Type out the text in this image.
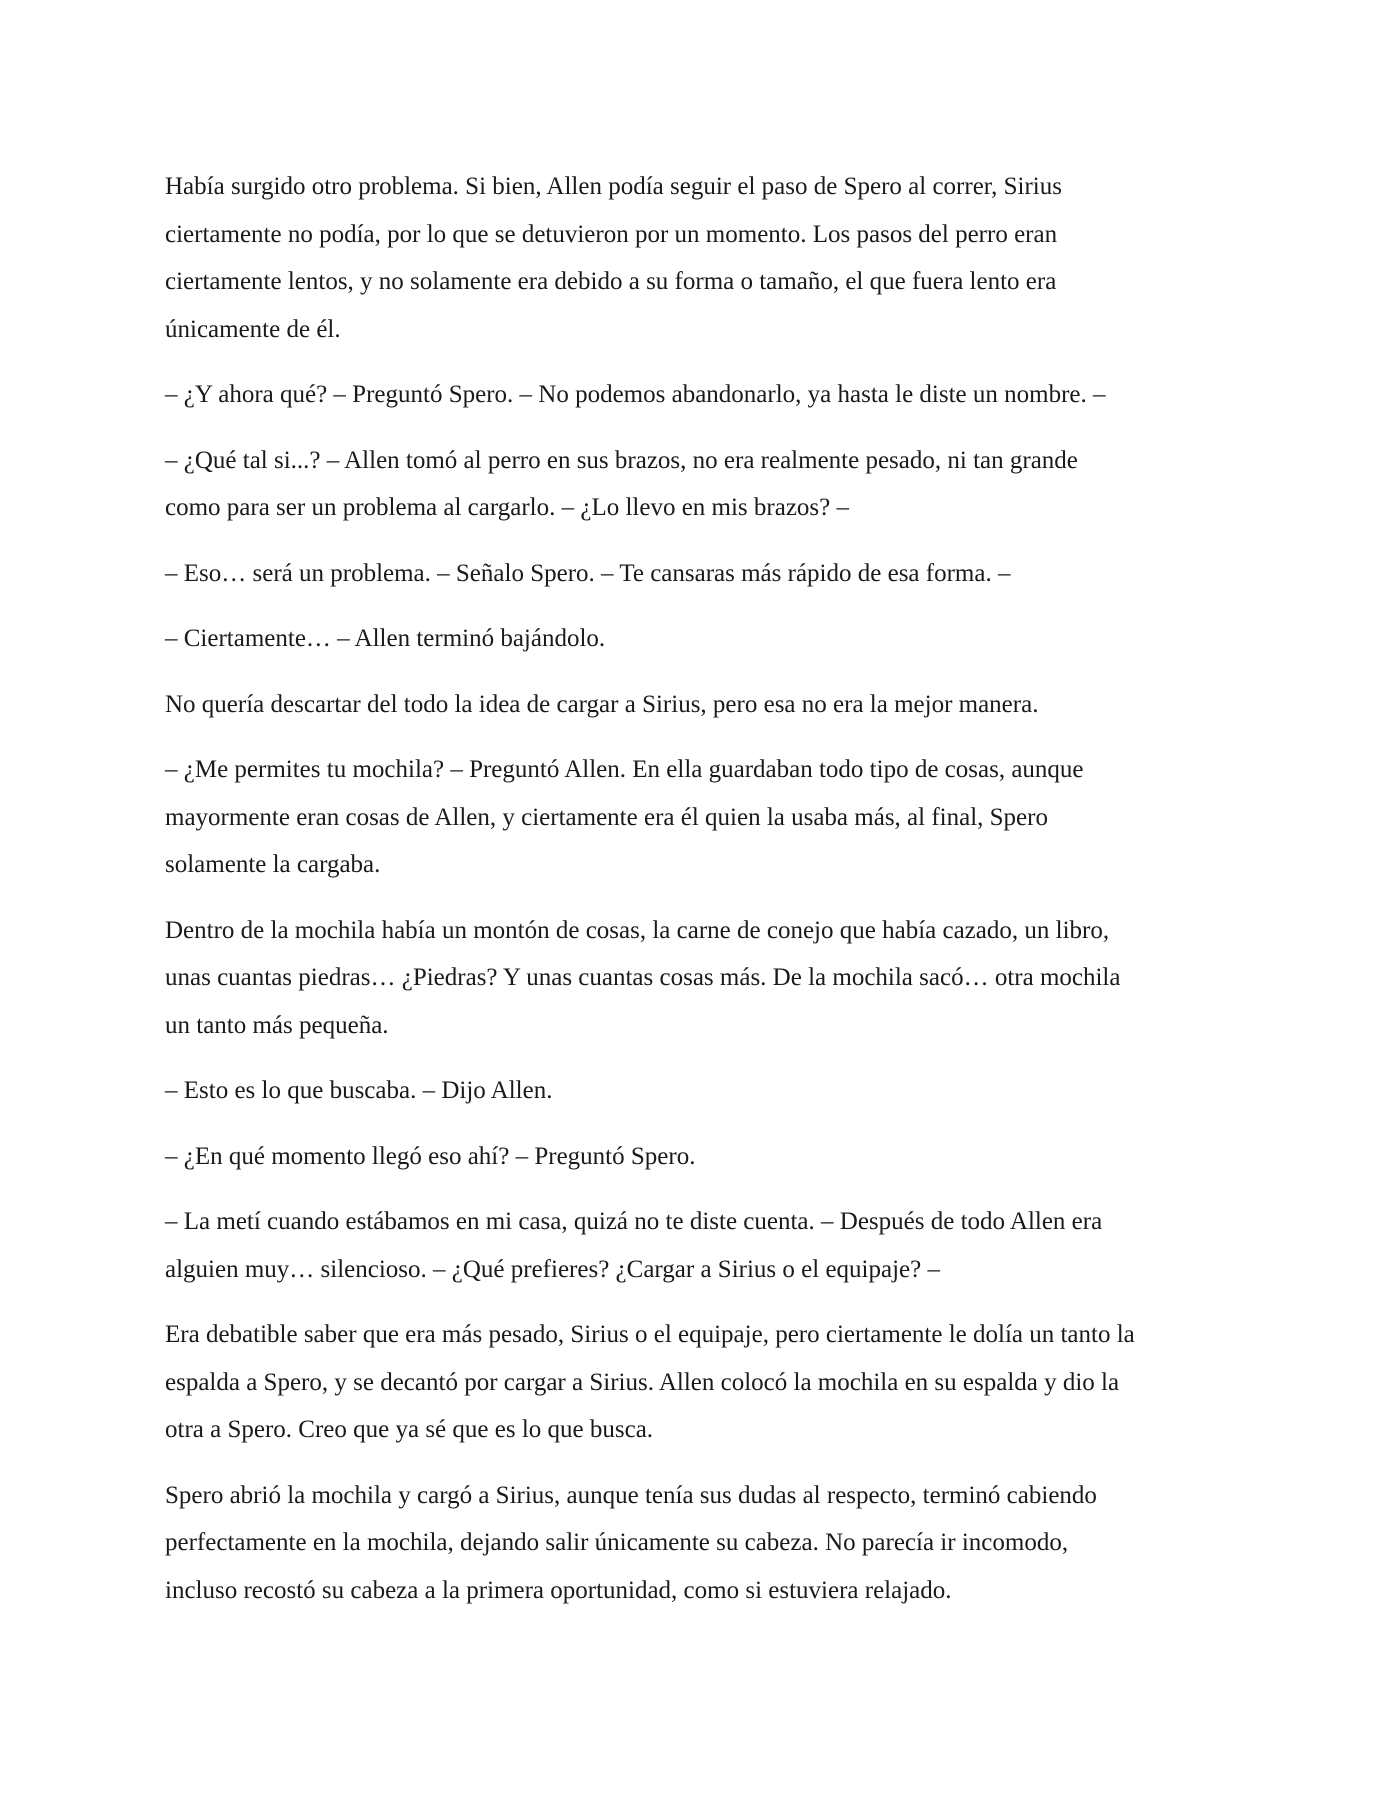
Había surgido otro problema. Si bien, Allen podía seguir el paso de Spero al correr, Sirius
ciertamente no podía, por lo que se detuvieron por un momento. Los pasos del perro eran
ciertamente lentos, y no solamente era debido a su forma o tamaño, el que fuera lento era
únicamente de él.

– ¿Y ahora qué? – Preguntó Spero. – No podemos abandonarlo, ya hasta le diste un nombre. –

– ¿Qué tal si...? – Allen tomó al perro en sus brazos, no era realmente pesado, ni tan grande
como para ser un problema al cargarlo. – ¿Lo llevo en mis brazos? –

– Eso… será un problema. – Señalo Spero. – Te cansaras más rápido de esa forma. –

– Ciertamente… – Allen terminó bajándolo.

No quería descartar del todo la idea de cargar a Sirius, pero esa no era la mejor manera.

– ¿Me permites tu mochila? – Preguntó Allen. En ella guardaban todo tipo de cosas, aunque
mayormente eran cosas de Allen, y ciertamente era él quien la usaba más, al final, Spero
solamente la cargaba.

Dentro de la mochila había un montón de cosas, la carne de conejo que había cazado, un libro,
unas cuantas piedras… ¿Piedras? Y unas cuantas cosas más. De la mochila sacó… otra mochila
un tanto más pequeña.

– Esto es lo que buscaba. – Dijo Allen.

– ¿En qué momento llegó eso ahí? – Preguntó Spero.

– La metí cuando estábamos en mi casa, quizá no te diste cuenta. – Después de todo Allen era
alguien muy… silencioso. – ¿Qué prefieres? ¿Cargar a Sirius o el equipaje? –

Era debatible saber que era más pesado, Sirius o el equipaje, pero ciertamente le dolía un tanto la
espalda a Spero, y se decantó por cargar a Sirius. Allen colocó la mochila en su espalda y dio la
otra a Spero. Creo que ya sé que es lo que busca.

Spero abrió la mochila y cargó a Sirius, aunque tenía sus dudas al respecto, terminó cabiendo
perfectamente en la mochila, dejando salir únicamente su cabeza. No parecía ir incomodo,
incluso recostó su cabeza a la primera oportunidad, como si estuviera relajado.
